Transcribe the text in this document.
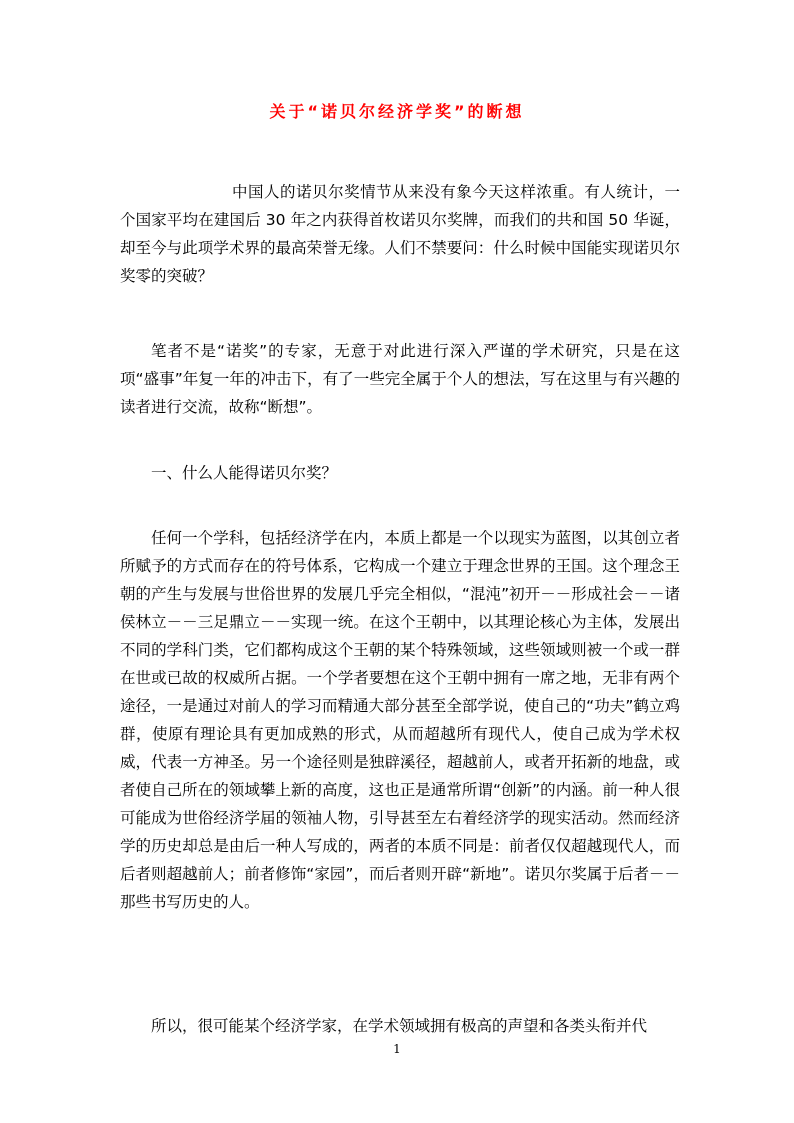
关于“诺贝尔经济学奖”的断想

中国人的诺贝尔奖情节从来没有象今天这样浓重。有人统计，一个国家平均在建国后 30 年之内获得首枚诺贝尔奖牌，而我们的共和国 50 华诞，却至今与此项学术界的最高荣誉无缘。人们不禁要问：什么时候中国能实现诺贝尔奖零的突破？

笔者不是“诺奖”的专家，无意于对此进行深入严谨的学术研究，只是在这项“盛事”年复一年的冲击下，有了一些完全属于个人的想法，写在这里与有兴趣的读者进行交流，故称“断想”。

一、什么人能得诺贝尔奖？

任何一个学科，包括经济学在内，本质上都是一个以现实为蓝图，以其创立者所赋予的方式而存在的符号体系，它构成一个建立于理念世界的王国。这个理念王朝的产生与发展与世俗世界的发展几乎完全相似，“混沌”初开－－形成社会－－诸侯林立－－三足鼎立－－实现一统。在这个王朝中，以其理论核心为主体，发展出不同的学科门类，它们都构成这个王朝的某个特殊领域，这些领域则被一个或一群在世或已故的权威所占据。一个学者要想在这个王朝中拥有一席之地，无非有两个途径，一是通过对前人的学习而精通大部分甚至全部学说，使自己的“功夫”鹤立鸡群，使原有理论具有更加成熟的形式，从而超越所有现代人，使自己成为学术权威，代表一方神圣。另一个途径则是独辟溪径，超越前人，或者开拓新的地盘，或者使自己所在的领域攀上新的高度，这也正是通常所谓“创新”的内涵。前一种人很可能成为世俗经济学届的领袖人物，引导甚至左右着经济学的现实活动。然而经济学的历史却总是由后一种人写成的，两者的本质不同是：前者仅仅超越现代人，而后者则超越前人；前者修饰“家园”，而后者则开辟“新地”。诺贝尔奖属于后者－－那些书写历史的人。

所以，很可能某个经济学家，在学术领域拥有极高的声望和各类头衔并代

1
